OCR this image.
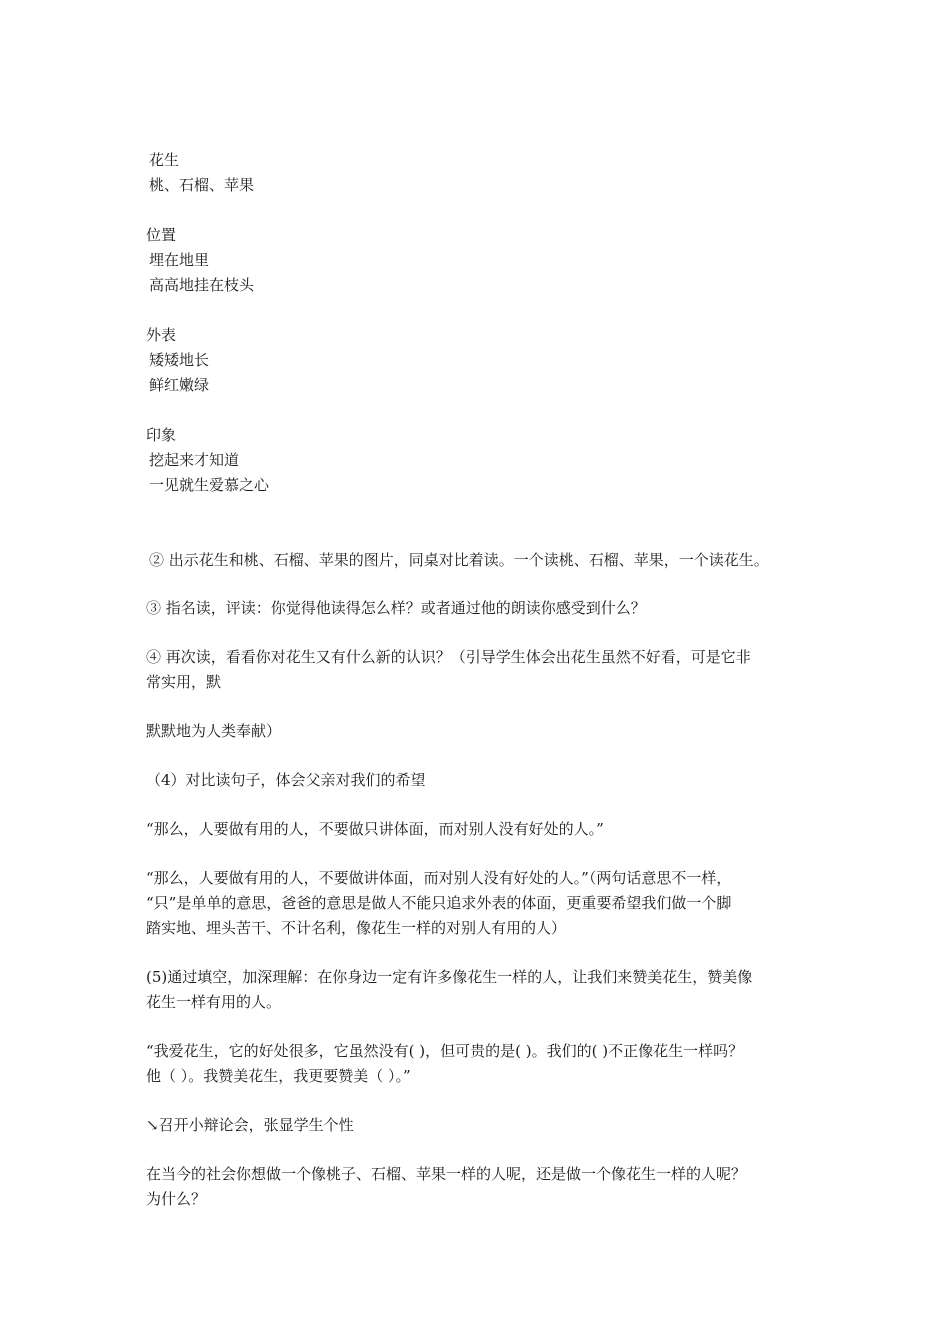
花生
桃、石榴、苹果
位置
埋在地里
高高地挂在枝头
外表
矮矮地长
鲜红嫩绿
印象
挖起来才知道
一见就生爱慕之心
② 出示花生和桃、石榴、苹果的图片，同桌对比着读。一个读桃、石榴、苹果，一个读花生。
③ 指名读，评读：你觉得他读得怎么样？或者通过他的朗读你感受到什么？
④ 再次读，看看你对花生又有什么新的认识？（引导学生体会出花生虽然不好看，可是它非
常实用，默
默默地为人类奉献）
（4）对比读句子，体会父亲对我们的希望
“那么，人要做有用的人，不要做只讲体面，而对别人没有好处的人。”
“那么，人要做有用的人，不要做讲体面，而对别人没有好处的人。”（两句话意思不一样，
“只”是单单的意思，爸爸的意思是做人不能只追求外表的体面，更重要希望我们做一个脚
踏实地、埋头苦干、不计名利，像花生一样的对别人有用的人）
(5)通过填空，加深理解：在你身边一定有许多像花生一样的人，让我们来赞美花生，赞美像
花生一样有用的人。
“我爱花生，它的好处很多，它虽然没有( )，但可贵的是( )。我们的( )不正像花生一样吗？
他（ ）。我赞美花生，我更要赞美（ ）。”
↘召开小辩论会，张显学生个性
在当今的社会你想做一个像桃子、石榴、苹果一样的人呢，还是做一个像花生一样的人呢？
为什么？
